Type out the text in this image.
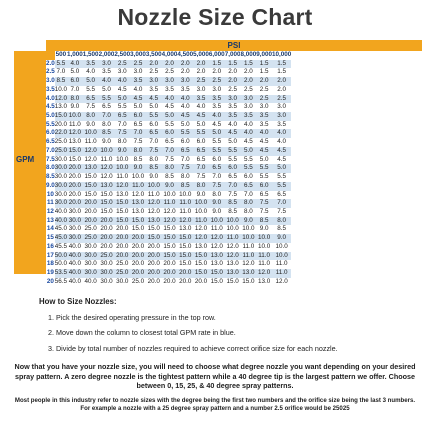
Nozzle Size Chart
PSI
GPM
	500	1,000	1,500	2,000	2,500	3,000	3,500	4,000	4,500	5,000	6,000	7,000	8,000	9,000	10,000
2.0	5.5	4.0	3.5	3.0	2.5	2.5	2.0	2.0	2.0	2.0	1.5	1.5	1.5	1.5	1.5
2.5	7.0	5.0	4.0	3.5	3.0	3.0	2.5	2.5	2.0	2.0	2.0	2.0	2.0	1.5	1.5
3.0	8.5	6.0	5.0	4.0	4.0	3.5	3.0	3.0	3.0	2.5	2.5	2.0	2.0	2.0	2.0
3.5	10.0	7.0	5.5	5.0	4.5	4.0	3.5	3.5	3.5	3.0	3.0	2.5	2.5	2.5	2.0
4.0	12.0	8.0	6.5	5.5	5.0	4.5	4.5	4.0	4.0	3.5	3.5	3.0	3.0	2.5	2.5
4.5	13.0	9.0	7.5	6.5	5.5	5.0	5.0	4.5	4.0	4.0	3.5	3.5	3.0	3.0	3.0
5.0	15.0	10.0	8.0	7.0	6.5	6.0	5.5	5.0	4.5	4.5	4.0	3.5	3.5	3.5	3.0
5.5	20.0	11.0	9.0	8.0	7.0	6.5	6.0	5.5	5.0	5.0	4.5	4.0	4.0	3.5	3.5
6.0	22.0	12.0	10.0	8.5	7.5	7.0	6.5	6.0	5.5	5.5	5.0	4.5	4.0	4.0	4.0
6.5	25.0	13.0	11.0	9.0	8.0	7.5	7.0	6.5	6.0	6.0	5.5	5.0	4.5	4.5	4.0
7.0	25.0	15.0	12.0	10.0	9.0	8.0	7.5	7.0	6.5	6.5	5.5	5.5	5.0	4.5	4.5
7.5	30.0	15.0	12.0	11.0	10.0	8.5	8.0	7.5	7.0	6.5	6.0	5.5	5.5	5.0	4.5
8.0	30.0	20.0	13.0	12.0	10.0	9.0	8.5	8.0	7.5	7.0	6.5	6.0	5.5	5.5	5.0
8.5	30.0	20.0	15.0	12.0	11.0	10.0	9.0	8.5	8.0	7.5	7.0	6.5	6.0	5.5	5.5
9.0	30.0	20.0	15.0	13.0	12.0	11.0	10.0	9.0	8.5	8.0	7.5	7.0	6.5	6.0	5.5
10	30.0	20.0	15.0	15.0	13.0	12.0	11.0	10.0	10.0	9.0	8.0	7.5	7.0	6.5	6.5
11	30.0	20.0	20.0	15.0	15.0	13.0	12.0	11.0	11.0	10.0	9.0	8.5	8.0	7.5	7.0
12	40.0	30.0	20.0	15.0	15.0	13.0	12.0	12.0	11.0	10.0	9.0	8.5	8.0	7.5	7.5
13	40.0	30.0	20.0	20.0	15.0	15.0	13.0	12.0	12.0	11.0	10.0	10.0	9.0	8.5	8.0
14	45.0	30.0	25.0	20.0	20.0	15.0	15.0	15.0	13.0	12.0	11.0	10.0	10.0	9.0	8.5
15	45.0	30.0	25.0	20.0	20.0	20.0	15.0	15.0	15.0	12.0	12.0	11.0	10.0	10.0	9.0
16	45.5	40.0	30.0	20.0	20.0	20.0	20.0	15.0	15.0	13.0	12.0	12.0	11.0	10.0	10.0
17	50.0	40.0	30.0	25.0	20.0	20.0	20.0	15.0	15.0	15.0	13.0	12.0	11.0	11.0	10.0
18	50.0	40.0	30.0	30.0	25.0	20.0	20.0	20.0	15.0	15.0	13.0	13.0	12.0	11.0	11.0
19	53.5	40.0	30.0	30.0	25.0	20.0	20.0	20.0	20.0	15.0	15.0	13.0	13.0	12.0	11.0
20	56.5	40.0	40.0	30.0	30.0	25.0	20.0	20.0	20.0	20.0	15.0	15.0	15.0	13.0	12.0
How to Size Nozzles:
1. Pick the desired operating pressure in the top row.
2. Move down the column to closest total GPM rate in blue.
3. Divide by total number of nozzles required to achieve correct orifice size for each nozzle.
Now that you have your nozzle size, you will need to choose what degree nozzle you want depending on your desired spray pattern. A zero degree nozzle is the tightest pattern while a 40 degree tip is the largest pattern we offer. Choose between 0, 15, 25, & 40 degree spray patterns.
Most people in this industry refer to nozzle sizes with the degree being the first two numbers and the orifice size being the last 3 numbers. For example a nozzle with a 25 degree spray pattern and a number 2.5 orifice would be 25025
